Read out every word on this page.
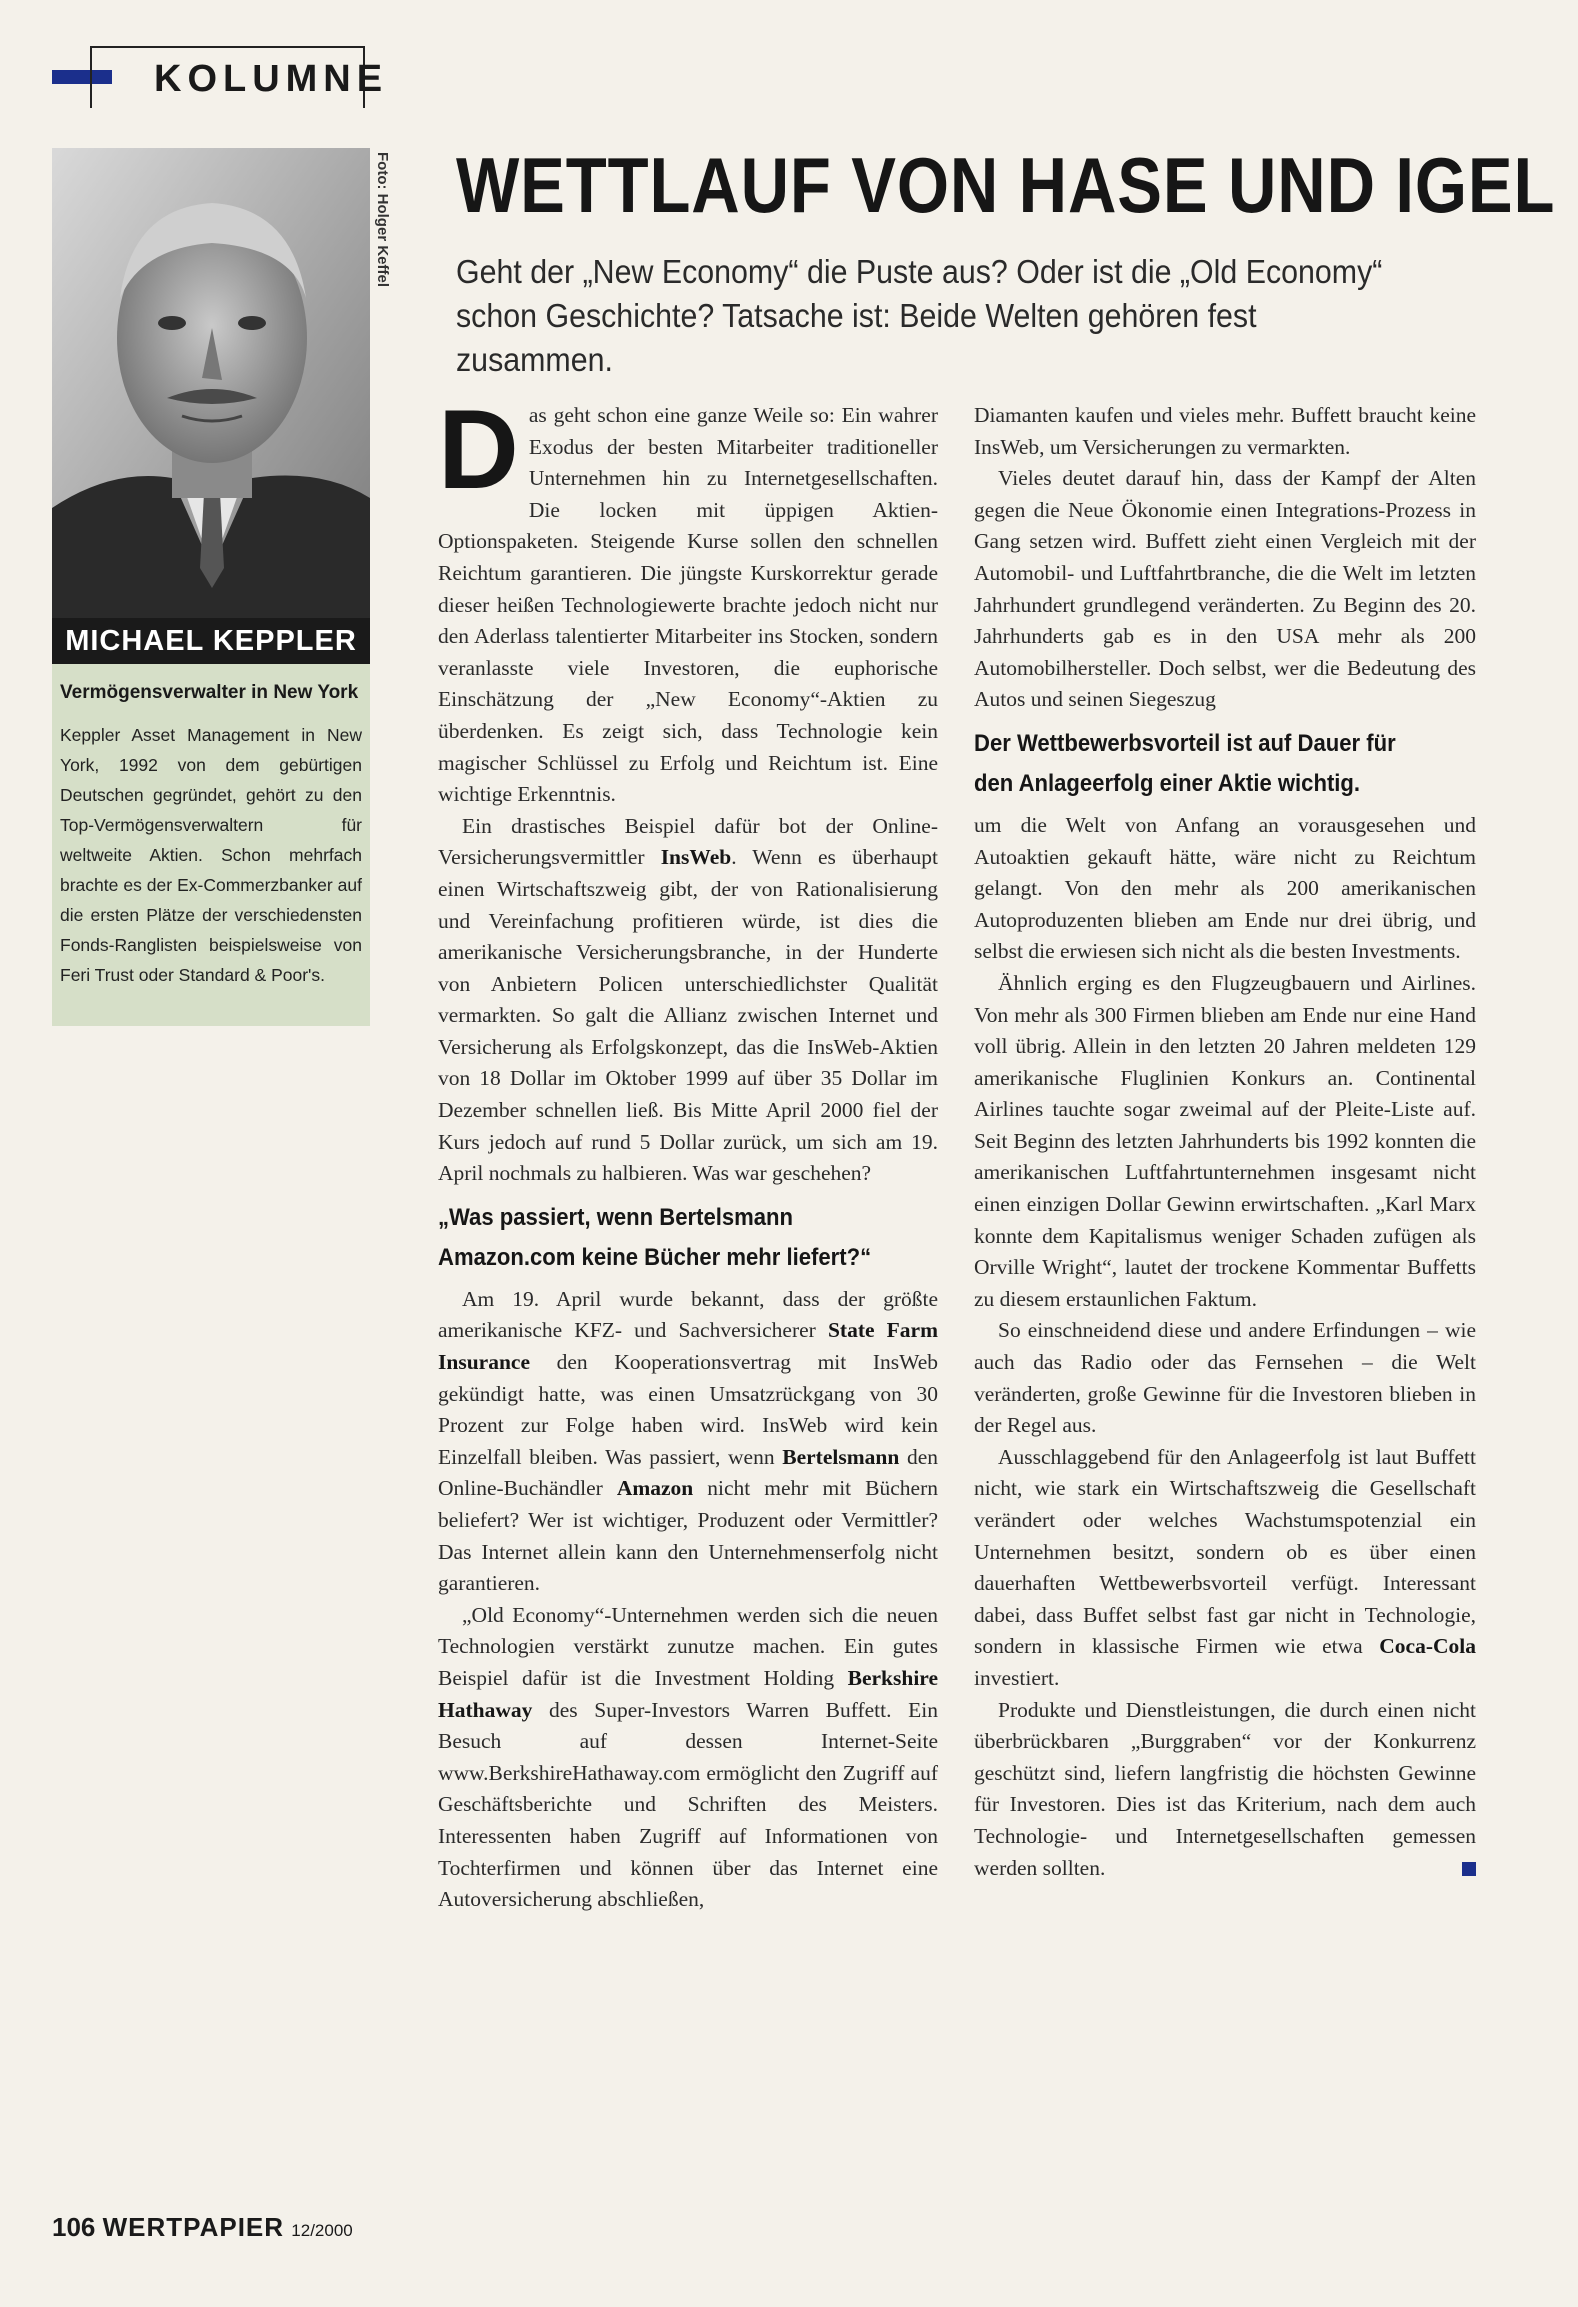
KOLUMNE
Foto: Holger Keffel
MICHAEL KEPPLER
Vermögensverwalter in New York
Keppler Asset Management in New York, 1992 von dem gebürtigen Deutschen gegründet, gehört zu den Top-Vermögensverwaltern für weltweite Aktien. Schon mehrfach brachte es der Ex-Commerzbanker auf die ersten Plätze der verschiedensten Fonds-Ranglisten beispielsweise von Feri Trust oder Standard & Poor's.
WETTLAUF VON HASE UND IGEL
Geht der „New Economy“ die Puste aus? Oder ist die „Old Economy“ schon Geschichte? Tatsache ist: Beide Welten gehören fest zusammen.

Das geht schon eine ganze Weile so: Ein wahrer Exodus der besten Mitarbeiter traditioneller Unternehmen hin zu Internetgesellschaften. Die locken mit üppigen Aktien-Optionspaketen. Steigende Kurse sollen den schnellen Reichtum garantieren. Die jüngste Kurskorrektur gerade dieser heißen Technologiewerte brachte jedoch nicht nur den Aderlass talentierter Mitarbeiter ins Stocken, sondern veranlasste viele Investoren, die euphorische Einschätzung der „New Economy“-Aktien zu überdenken. Es zeigt sich, dass Technologie kein magischer Schlüssel zu Erfolg und Reichtum ist. Eine wichtige Erkenntnis.

Ein drastisches Beispiel dafür bot der Online-Versicherungsvermittler InsWeb. Wenn es überhaupt einen Wirtschaftszweig gibt, der von Rationalisierung und Vereinfachung profitieren würde, ist dies die amerikanische Versicherungsbranche, in der Hunderte von Anbietern Policen unterschiedlichster Qualität vermarkten. So galt die Allianz zwischen Internet und Versicherung als Erfolgskonzept, das die InsWeb-Aktien von 18 Dollar im Oktober 1999 auf über 35 Dollar im Dezember schnellen ließ. Bis Mitte April 2000 fiel der Kurs jedoch auf rund 5 Dollar zurück, um sich am 19. April nochmals zu halbieren. Was war geschehen?

„Was passiert, wenn Bertelsmann Amazon.com keine Bücher mehr liefert?“

Am 19. April wurde bekannt, dass der größte amerikanische KFZ- und Sachversicherer State Farm Insurance den Kooperationsvertrag mit InsWeb gekündigt hatte, was einen Umsatzrückgang von 30 Prozent zur Folge haben wird. InsWeb wird kein Einzelfall bleiben. Was passiert, wenn Bertelsmann den Online-Buchändler Amazon nicht mehr mit Büchern beliefert? Wer ist wichtiger, Produzent oder Vermittler? Das Internet allein kann den Unternehmenserfolg nicht garantieren.

„Old Economy“-Unternehmen werden sich die neuen Technologien verstärkt zunutze machen. Ein gutes Beispiel dafür ist die Investment Holding Berkshire Hathaway des Super-Investors Warren Buffett. Ein Besuch auf dessen Internet-Seite www.BerkshireHathaway.com ermöglicht den Zugriff auf Geschäftsberichte und Schriften des Meisters. Interessenten haben Zugriff auf Informationen von Tochterfirmen und können über das Internet eine Autoversicherung abschließen,

Diamanten kaufen und vieles mehr. Buffett braucht keine InsWeb, um Versicherungen zu vermarkten.

Vieles deutet darauf hin, dass der Kampf der Alten gegen die Neue Ökonomie einen Integrations-Prozess in Gang setzen wird. Buffett zieht einen Vergleich mit der Automobil- und Luftfahrtbranche, die die Welt im letzten Jahrhundert grundlegend veränderten. Zu Beginn des 20. Jahrhunderts gab es in den USA mehr als 200 Automobilhersteller. Doch selbst, wer die Bedeutung des Autos und seinen Siegeszug

Der Wettbewerbsvorteil ist auf Dauer für den Anlageerfolg einer Aktie wichtig.

um die Welt von Anfang an vorausgesehen und Autoaktien gekauft hätte, wäre nicht zu Reichtum gelangt. Von den mehr als 200 amerikanischen Autoproduzenten blieben am Ende nur drei übrig, und selbst die erwiesen sich nicht als die besten Investments.

Ähnlich erging es den Flugzeugbauern und Airlines. Von mehr als 300 Firmen blieben am Ende nur eine Hand voll übrig. Allein in den letzten 20 Jahren meldeten 129 amerikanische Fluglinien Konkurs an. Continental Airlines tauchte sogar zweimal auf der Pleite-Liste auf. Seit Beginn des letzten Jahrhunderts bis 1992 konnten die amerikanischen Luftfahrtunternehmen insgesamt nicht einen einzigen Dollar Gewinn erwirtschaften. „Karl Marx konnte dem Kapitalismus weniger Schaden zufügen als Orville Wright“, lautet der trockene Kommentar Buffetts zu diesem erstaunlichen Faktum.

So einschneidend diese und andere Erfindungen – wie auch das Radio oder das Fernsehen – die Welt veränderten, große Gewinne für die Investoren blieben in der Regel aus.

Ausschlaggebend für den Anlageerfolg ist laut Buffett nicht, wie stark ein Wirtschaftszweig die Gesellschaft verändert oder welches Wachstumspotenzial ein Unternehmen besitzt, sondern ob es über einen dauerhaften Wettbewerbsvorteil verfügt. Interessant dabei, dass Buffet selbst fast gar nicht in Technologie, sondern in klassische Firmen wie etwa Coca-Cola investiert.

Produkte und Dienstleistungen, die durch einen nicht überbrückbaren „Burggraben“ vor der Konkurrenz geschützt sind, liefern langfristig die höchsten Gewinne für Investoren. Dies ist das Kriterium, nach dem auch Technologie- und Internetgesellschaften gemessen werden sollten.

106 WERTPAPIER 12/2000
